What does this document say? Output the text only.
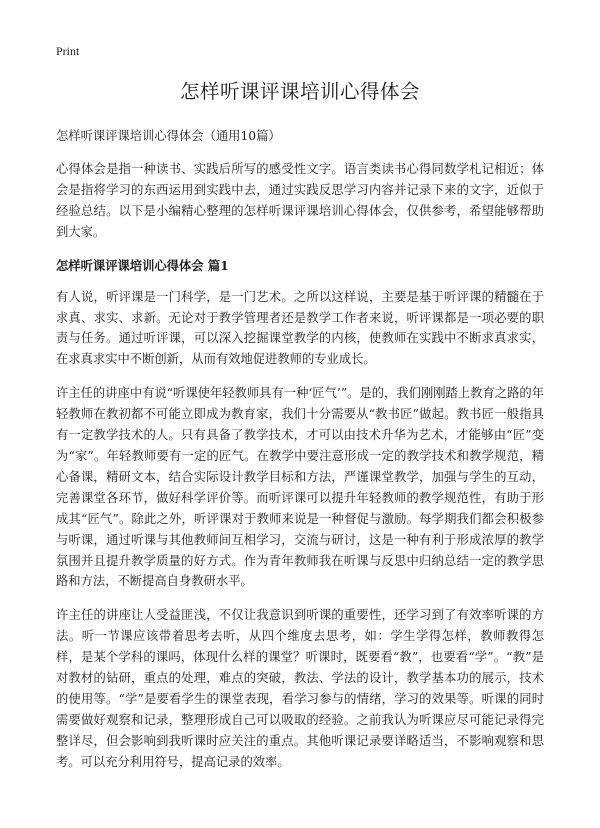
Print
怎样听课评课培训心得体会

怎样听课评课培训心得体会（通用10篇）

心得体会是指一种读书、实践后所写的感受性文字。语言类读书心得同数学札记相近；体会是指将学习的东西运用到实践中去，通过实践反思学习内容并记录下来的文字，近似于经验总结。以下是小编精心整理的怎样听课评课培训心得体会，仅供参考，希望能够帮助到大家。

怎样听课评课培训心得体会 篇1

有人说，听评课是一门科学，是一门艺术。之所以这样说，主要是基于听评课的精髓在于求真、求实、求新。无论对于教学管理者还是教学工作者来说，听评课都是一项必要的职责与任务。通过听评课，可以深入挖掘课堂教学的内核，使教师在实践中不断求真求实，在求真求实中不断创新，从而有效地促进教师的专业成长。

许主任的讲座中有说“听课使年轻教师具有一种‘匠气’”。是的，我们刚刚踏上教育之路的年轻教师在教初都不可能立即成为教育家，我们十分需要从“教书匠”做起。教书匠一般指具有一定教学技术的人。只有具备了教学技术，才可以由技术升华为艺术，才能够由“匠”变为“家”。年轻教师要有一定的匠气。在教学中要注意形成一定的教学技术和教学规范，精心备课，精研文本，结合实际设计教学目标和方法，严谨课堂教学，加强与学生的互动，完善课堂各环节，做好科学评价等。而听评课可以提升年轻教师的教学规范性，有助于形成其“匠气”。除此之外，听评课对于教师来说是一种督促与激励。每学期我们都会积极参与听课，通过听课与其他教师间互相学习，交流与研讨，这是一种有利于形成浓厚的教学氛围并且提升教学质量的好方式。作为青年教师我在听课与反思中归纳总结一定的教学思路和方法，不断提高自身教研水平。

许主任的讲座让人受益匪浅，不仅让我意识到听课的重要性，还学习到了有效率听课的方法。听一节课应该带着思考去听，从四个维度去思考，如：学生学得怎样，教师教得怎样，是某个学科的课吗，体现什么样的课堂？听课时，既要看“教”，也要看“学”。“教”是对教材的钻研，重点的处理，难点的突破，教法、学法的设计，教学基本功的展示，技术的使用等。“学”是要看学生的课堂表现，看学习参与的情绪，学习的效果等。听课的同时需要做好观察和记录，整理形成自己可以吸取的经验。之前我认为听课应尽可能记录得完整详尽，但会影响到我听课时应关注的重点。其他听课记录要详略适当，不影响观察和思考。可以充分利用符号，提高记录的效率。
